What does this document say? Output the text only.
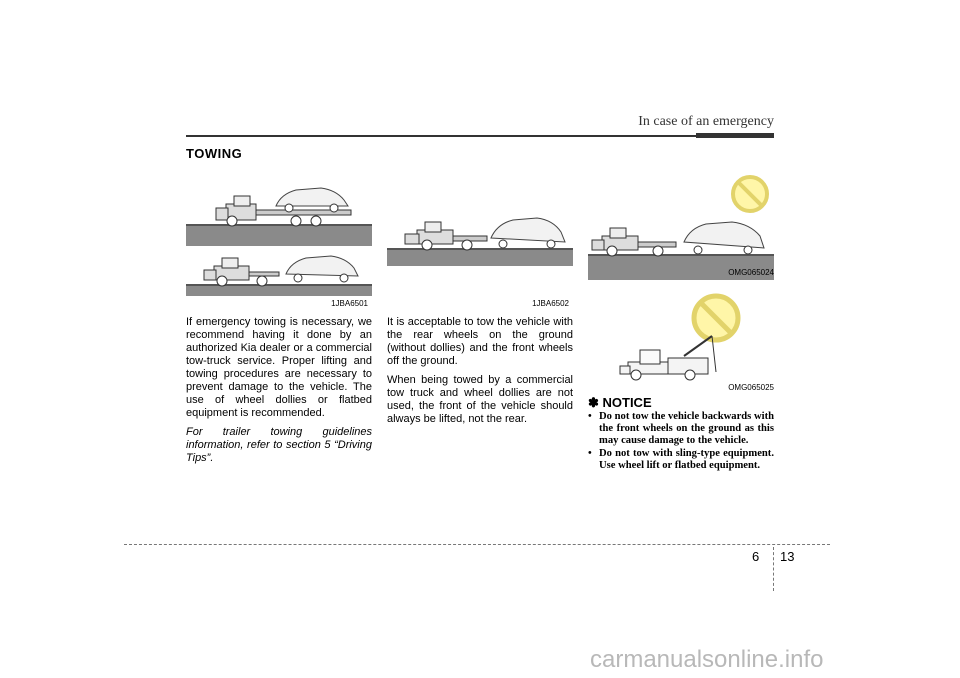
In case of an emergency
TOWING
1JBA6501

If emergency towing is necessary, we recommend having it done by an authorized Kia dealer or a commercial tow-truck service. Proper lifting and towing procedures are necessary to prevent damage to the vehicle. The use of wheel dollies or flatbed equipment is recommended.

For trailer towing guidelines information, refer to section 5 “Driving Tips”.

1JBA6502

It is acceptable to tow the vehicle with the rear wheels on the ground (without dollies) and the front wheels off the ground.

When being towed by a commercial tow truck and wheel dollies are not used, the front of the vehicle should always be lifted, not the rear.

OMG065024
OMG065025
✽ NOTICE
• Do not tow the vehicle backwards with the front wheels on the ground as this may cause damage to the vehicle.
• Do not tow with sling-type equipment. Use wheel lift or flatbed equipment.
6 13
carmanualsonline.info
